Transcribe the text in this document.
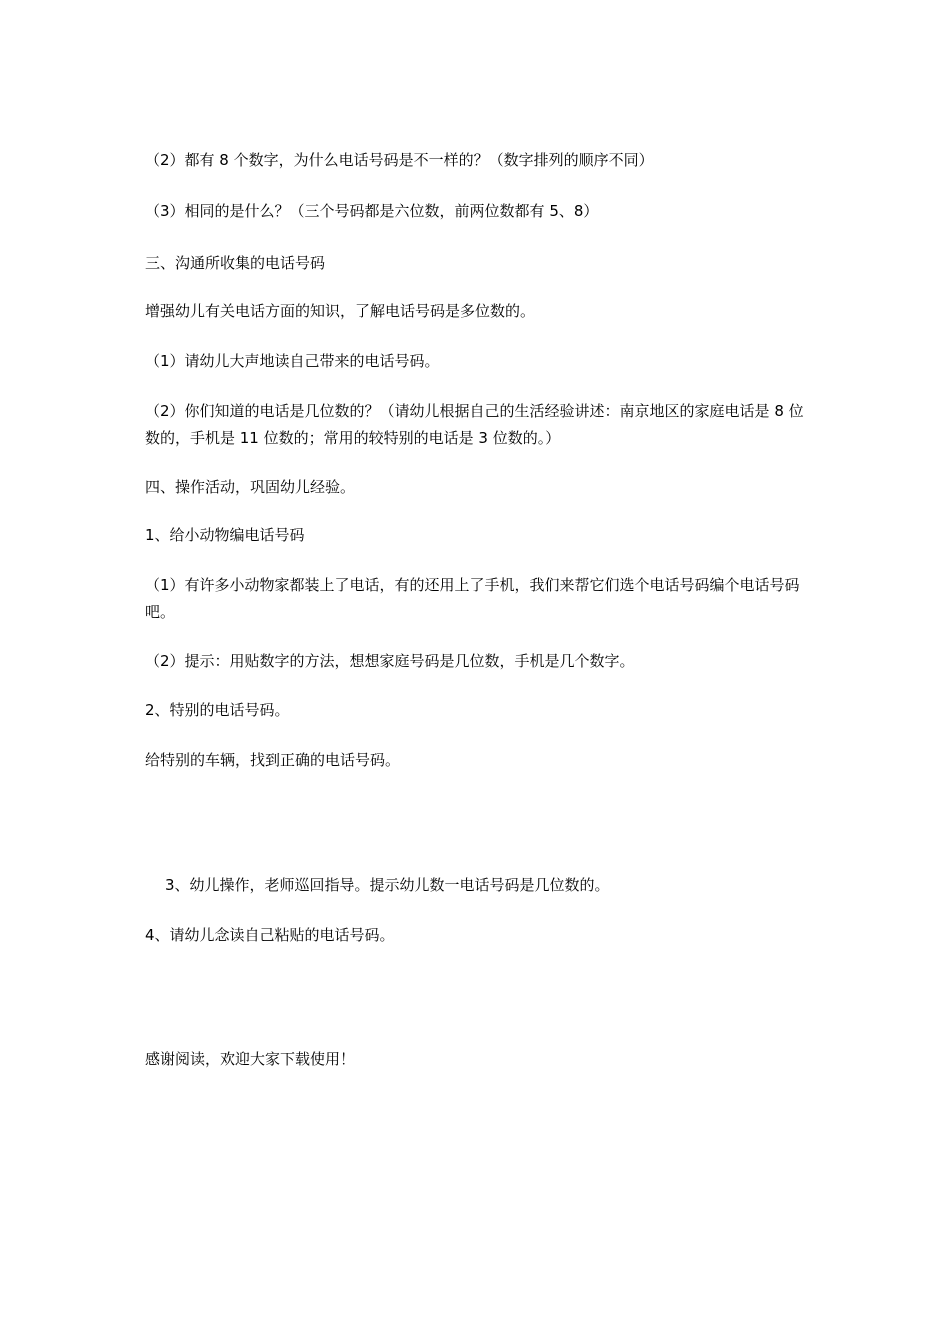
（2）都有 8 个数字，为什么电话号码是不一样的？（数字排列的顺序不同）

（3）相同的是什么？（三个号码都是六位数，前两位数都有 5、8）

三、沟通所收集的电话号码

增强幼儿有关电话方面的知识，了解电话号码是多位数的。

（1）请幼儿大声地读自己带来的电话号码。

（2）你们知道的电话是几位数的？（请幼儿根据自己的生活经验讲述：南京地区的家庭电话是 8 位数的，手机是 11 位数的；常用的较特别的电话是 3 位数的。）

四、操作活动，巩固幼儿经验。

1、给小动物编电话号码

（1）有许多小动物家都装上了电话，有的还用上了手机，我们来帮它们选个电话号码编个电话号码吧。

（2）提示：用贴数字的方法，想想家庭号码是几位数，手机是几个数字。

2、特别的电话号码。

给特别的车辆，找到正确的电话号码。

3、幼儿操作，老师巡回指导。提示幼儿数一电话号码是几位数的。

4、请幼儿念读自己粘贴的电话号码。

感谢阅读，欢迎大家下载使用！
